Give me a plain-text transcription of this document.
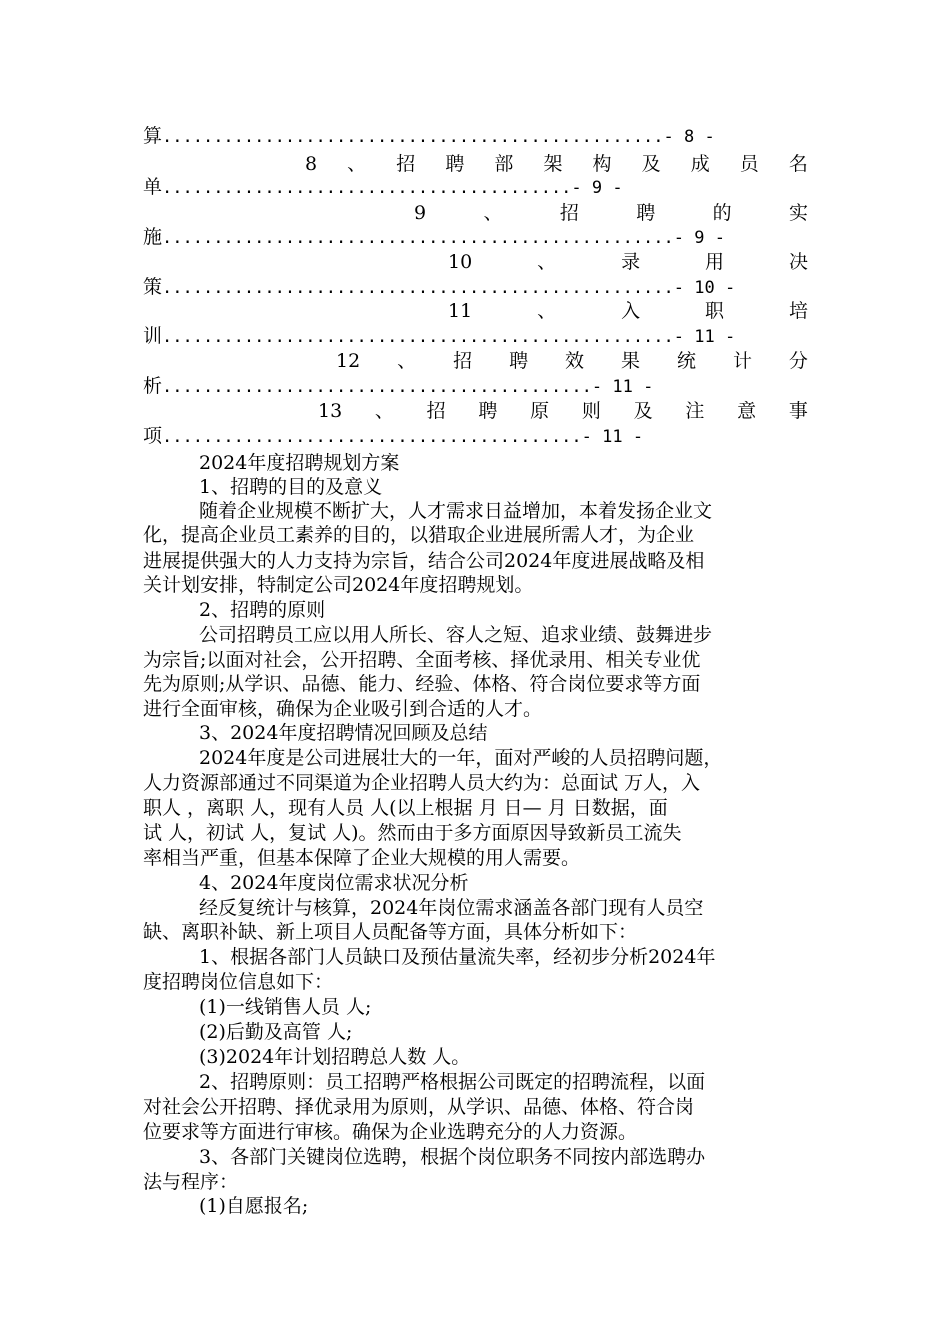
算.................................................- 8 -
8 、 招 聘 部 架 构 及 成 员 名
单........................................- 9 -
9	、	招	聘	的	实
施..................................................- 9 -
10	、	录	用	决
策..................................................- 10 -
11	、	入	职	培
训..................................................- 11 -
12 、 招 聘 效 果 统 计 分
析..........................................- 11 -
13 、 招 聘 原 则 及 注 意 事
项.........................................- 11 -
2024年度招聘规划方案
1、招聘的目的及意义
随着企业规模不断扩大，人才需求日益增加，本着发扬企业文
化，提高企业员工素养的目的，以猎取企业进展所需人才，为企业
进展提供强大的人力支持为宗旨，结合公司2024年度进展战略及相
关计划安排，特制定公司2024年度招聘规划。
2、招聘的原则
公司招聘员工应以用人所长、容人之短、追求业绩、鼓舞进步
为宗旨;以面对社会，公开招聘、全面考核、择优录用、相关专业优
先为原则;从学识、品德、能力、经验、体格、符合岗位要求等方面
进行全面审核，确保为企业吸引到合适的人才。
3、2024年度招聘情况回顾及总结
2024年度是公司进展壮大的一年，面对严峻的人员招聘问题，
人力资源部通过不同渠道为企业招聘人员大约为：总面试 万人，入
职人 ，离职 人，现有人员 人(以上根据 月 日— 月 日数据，面
试 人，初试 人，复试 人)。然而由于多方面原因导致新员工流失
率相当严重，但基本保障了企业大规模的用人需要。
4、2024年度岗位需求状况分析
经反复统计与核算，2024年岗位需求涵盖各部门现有人员空
缺、离职补缺、新上项目人员配备等方面，具体分析如下：
1、根据各部门人员缺口及预估量流失率，经初步分析2024年
度招聘岗位信息如下：
(1)一线销售人员 人;
(2)后勤及高管 人;
(3)2024年计划招聘总人数 人。
2、招聘原则：员工招聘严格根据公司既定的招聘流程，以面
对社会公开招聘、择优录用为原则，从学识、品德、体格、符合岗
位要求等方面进行审核。确保为企业选聘充分的人力资源。
3、各部门关键岗位选聘，根据个岗位职务不同按内部选聘办
法与程序：
(1)自愿报名;
